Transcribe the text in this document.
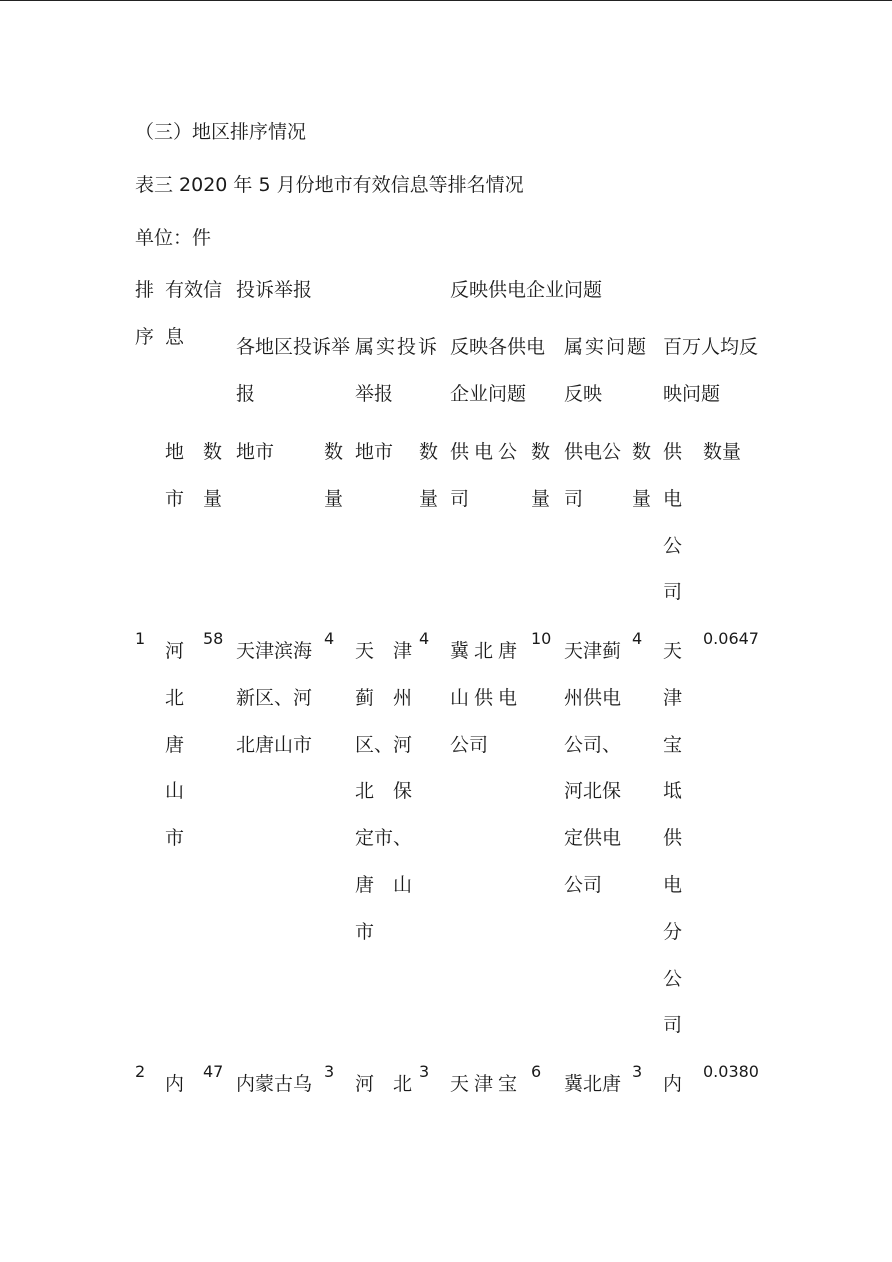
（三）地区排序情况
表三 2020 年 5 月份地市有效信息等排名情况
单位：件
排
序
有效信
息
投诉举报	反映供电企业问题
各地区投诉举
报
属实投诉
举报
反映各供电
企业问题
属实问题
反映
百万人均反
映问题
地
市
数
量
地市	数
量
地市 数
量
供电公
司
数
量
供电公
司
数
量
供
电
公
司
数量
1
河
北
唐
山
市
58
天津滨海
新区、河
北唐山市
4
天　津
蓟　州
区、河
北　保
定市、
唐　山
市
4
冀北唐
山供电
公司
10
天津蓟
州供电
公司、
河北保
定供电
公司
4
天
津
宝
坻
供
电
分
公
司
0.0647
2
内
47
内蒙古乌
3
河　北
3
天津宝
6
冀北唐
3
内
0.0380
